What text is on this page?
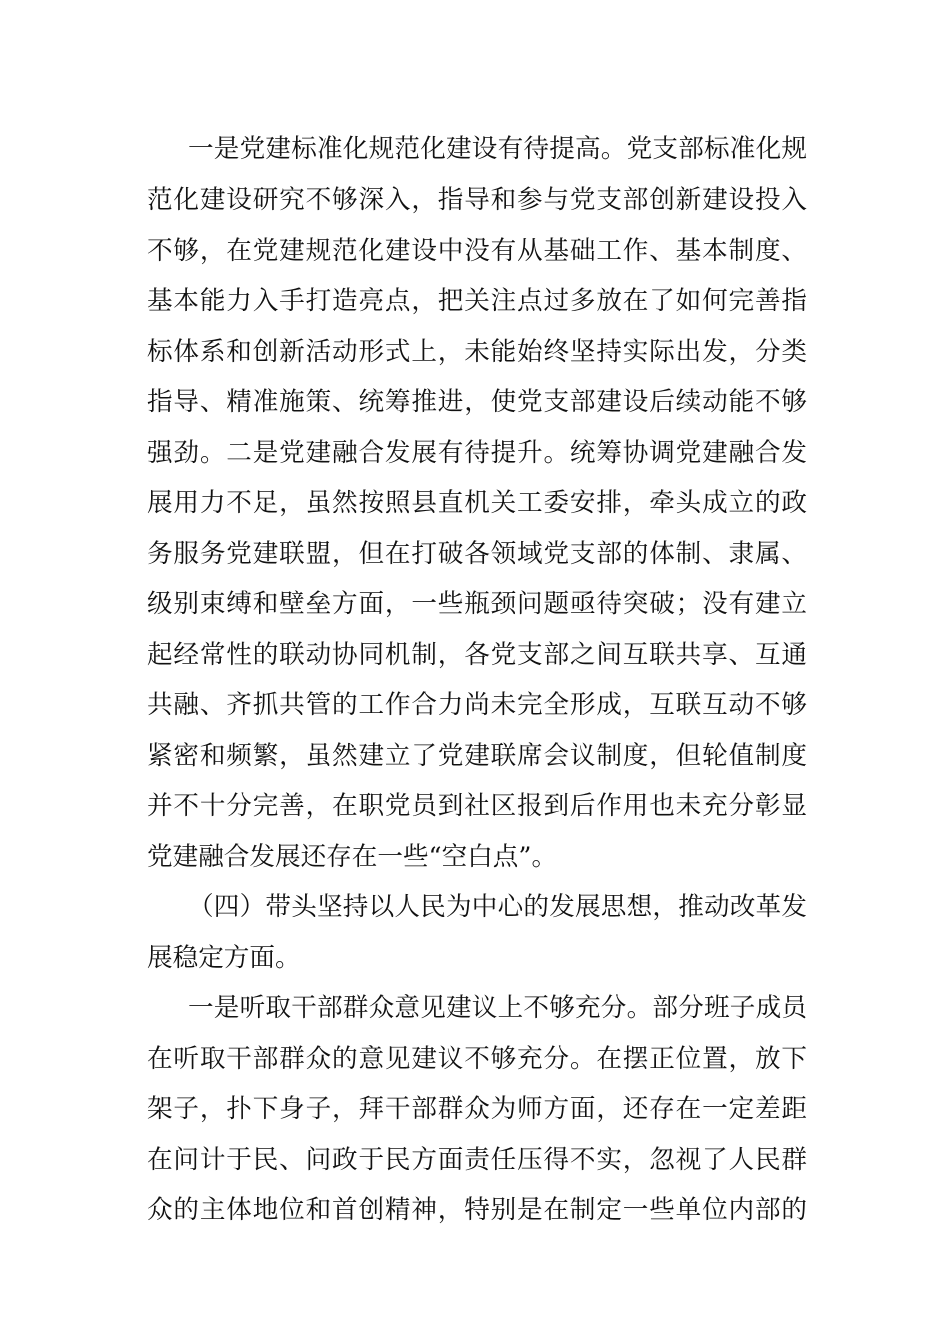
一是党建标准化规范化建设有待提高。党支部标准化规
范化建设研究不够深入，指导和参与党支部创新建设投入
不够，在党建规范化建设中没有从基础工作、基本制度、
基本能力入手打造亮点，把关注点过多放在了如何完善指
标体系和创新活动形式上，未能始终坚持实际出发，分类
指导、精准施策、统筹推进，使党支部建设后续动能不够
强劲。二是党建融合发展有待提升。统筹协调党建融合发
展用力不足，虽然按照县直机关工委安排，牵头成立的政
务服务党建联盟，但在打破各领域党支部的体制、隶属、
级别束缚和壁垒方面，一些瓶颈问题亟待突破；没有建立
起经常性的联动协同机制，各党支部之间互联共享、互通
共融、齐抓共管的工作合力尚未完全形成，互联互动不够
紧密和频繁，虽然建立了党建联席会议制度，但轮值制度
并不十分完善，在职党员到社区报到后作用也未充分彰显
党建融合发展还存在一些“空白点”。
（四）带头坚持以人民为中心的发展思想，推动改革发
展稳定方面。
一是听取干部群众意见建议上不够充分。部分班子成员
在听取干部群众的意见建议不够充分。在摆正位置，放下
架子，扑下身子，拜干部群众为师方面，还存在一定差距
在问计于民、问政于民方面责任压得不实，忽视了人民群
众的主体地位和首创精神，特别是在制定一些单位内部的
